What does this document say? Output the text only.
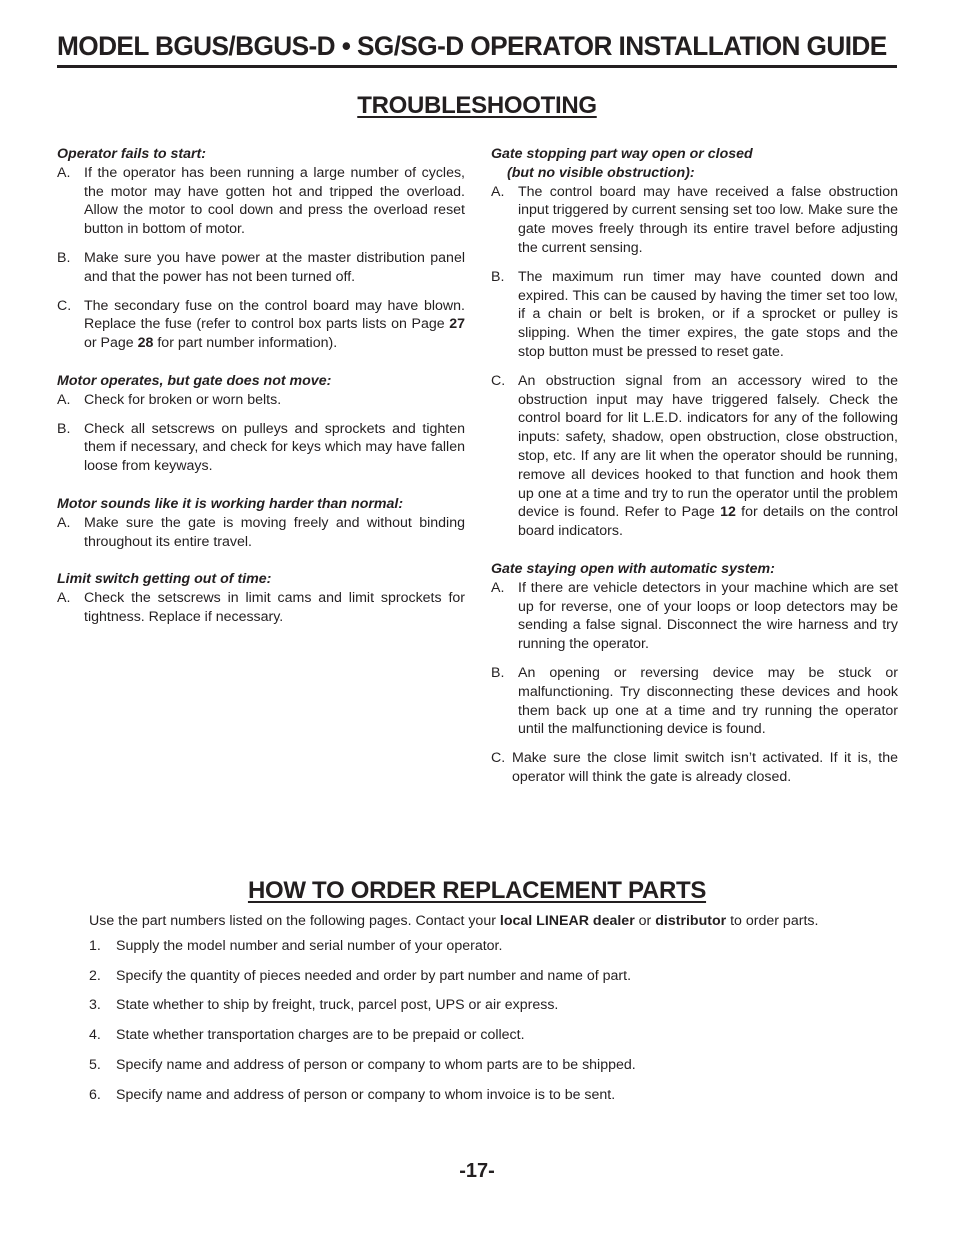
MODEL BGUS/BGUS-D • SG/SG-D OPERATOR INSTALLATION GUIDE
TROUBLESHOOTING
Operator fails to start:
A. If the operator has been running a large number of cycles, the motor may have gotten hot and tripped the overload. Allow the motor to cool down and press the overload reset button in bottom of motor.
B. Make sure you have power at the master distribution panel and that the power has not been turned off.
C. The secondary fuse on the control board may have blown. Replace the fuse (refer to control box parts lists on Page 27 or Page 28 for part number information).
Motor operates, but gate does not move:
A. Check for broken or worn belts.
B. Check all setscrews on pulleys and sprockets and tighten them if necessary, and check for keys which may have fallen loose from keyways.
Motor sounds like it is working harder than normal:
A. Make sure the gate is moving freely and without binding throughout its entire travel.
Limit switch getting out of time:
A. Check the setscrews in limit cams and limit sprockets for tightness. Replace if necessary.
Gate stopping part way open or closed
(but no visible obstruction):
A. The control board may have received a false obstruction input triggered by current sensing set too low. Make sure the gate moves freely through its entire travel before adjusting the current sensing.
B. The maximum run timer may have counted down and expired. This can be caused by having the timer set too low, if a chain or belt is broken, or if a sprocket or pulley is slipping. When the timer expires, the gate stops and the stop button must be pressed to reset gate.
C. An obstruction signal from an accessory wired to the obstruction input may have triggered falsely. Check the control board for lit L.E.D. indicators for any of the following inputs: safety, shadow, open obstruction, close obstruction, stop, etc. If any are lit when the operator should be running, remove all devices hooked to that function and hook them up one at a time and try to run the operator until the problem device is found. Refer to Page 12 for details on the control board indicators.
Gate staying open with automatic system:
A. If there are vehicle detectors in your machine which are set up for reverse, one of your loops or loop detectors may be sending a false signal. Disconnect the wire harness and try running the operator.
B. An opening or reversing device may be stuck or malfunctioning. Try disconnecting these devices and hook them back up one at a time and try running the operator until the malfunctioning device is found.
C. Make sure the close limit switch isn’t activated. If it is, the operator will think the gate is already closed.
HOW TO ORDER REPLACEMENT PARTS
Use the part numbers listed on the following pages. Contact your local LINEAR dealer or distributor to order parts.
1.	Supply the model number and serial number of your operator.
2.	Specify the quantity of pieces needed and order by part number and name of part.
3.	State whether to ship by freight, truck, parcel post, UPS or air express.
4.	State whether transportation charges are to be prepaid or collect.
5.	Specify name and address of person or company to whom parts are to be shipped.
6.	Specify name and address of person or company to whom invoice is to be sent.
-17-
